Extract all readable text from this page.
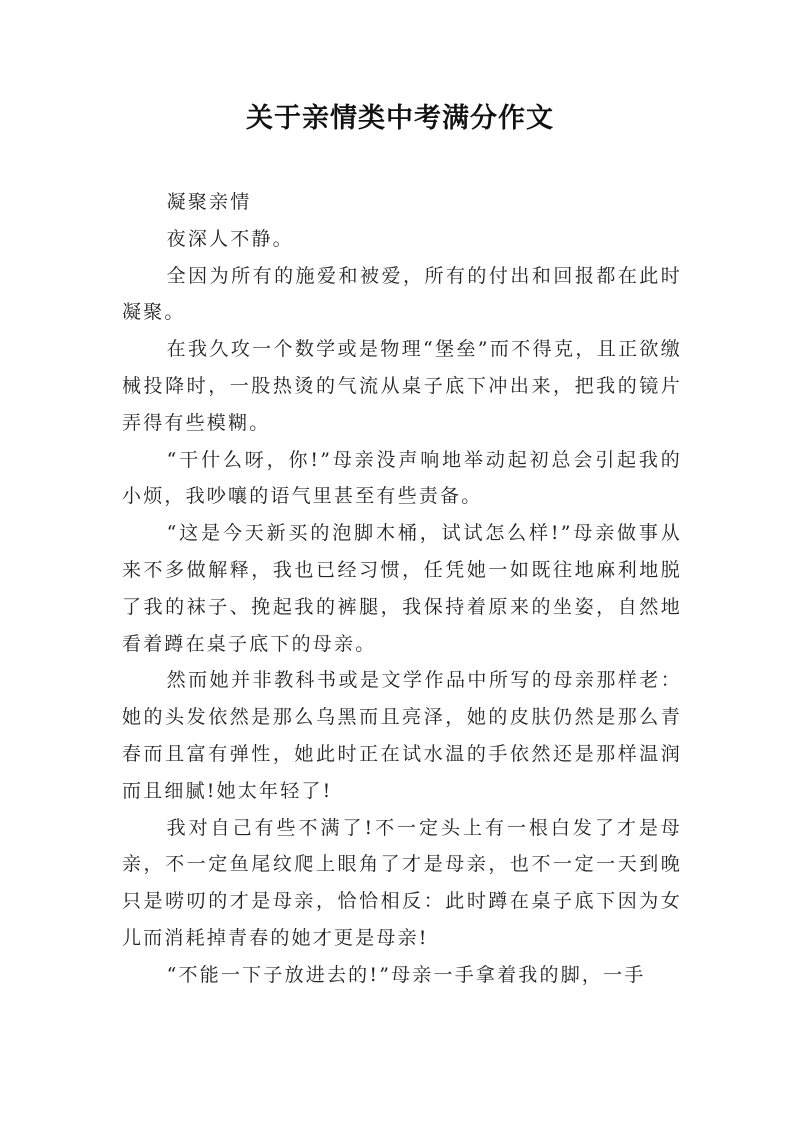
关于亲情类中考满分作文

凝聚亲情

夜深人不静。

全因为所有的施爱和被爱，所有的付出和回报都在此时凝聚。

在我久攻一个数学或是物理“堡垒”而不得克，且正欲缴械投降时，一股热烫的气流从桌子底下冲出来，把我的镜片弄得有些模糊。

“干什么呀，你!”母亲没声响地举动起初总会引起我的小烦，我吵嚷的语气里甚至有些责备。

“这是今天新买的泡脚木桶，试试怎么样!”母亲做事从来不多做解释，我也已经习惯，任凭她一如既往地麻利地脱了我的袜子、挽起我的裤腿，我保持着原来的坐姿，自然地看着蹲在桌子底下的母亲。

然而她并非教科书或是文学作品中所写的母亲那样老：她的头发依然是那么乌黑而且亮泽，她的皮肤仍然是那么青春而且富有弹性，她此时正在试水温的手依然还是那样温润而且细腻!她太年轻了!

我对自己有些不满了!不一定头上有一根白发了才是母亲，不一定鱼尾纹爬上眼角了才是母亲，也不一定一天到晚只是唠叨的才是母亲，恰恰相反：此时蹲在桌子底下因为女儿而消耗掉青春的她才更是母亲!

“不能一下子放进去的!”母亲一手拿着我的脚，一手
